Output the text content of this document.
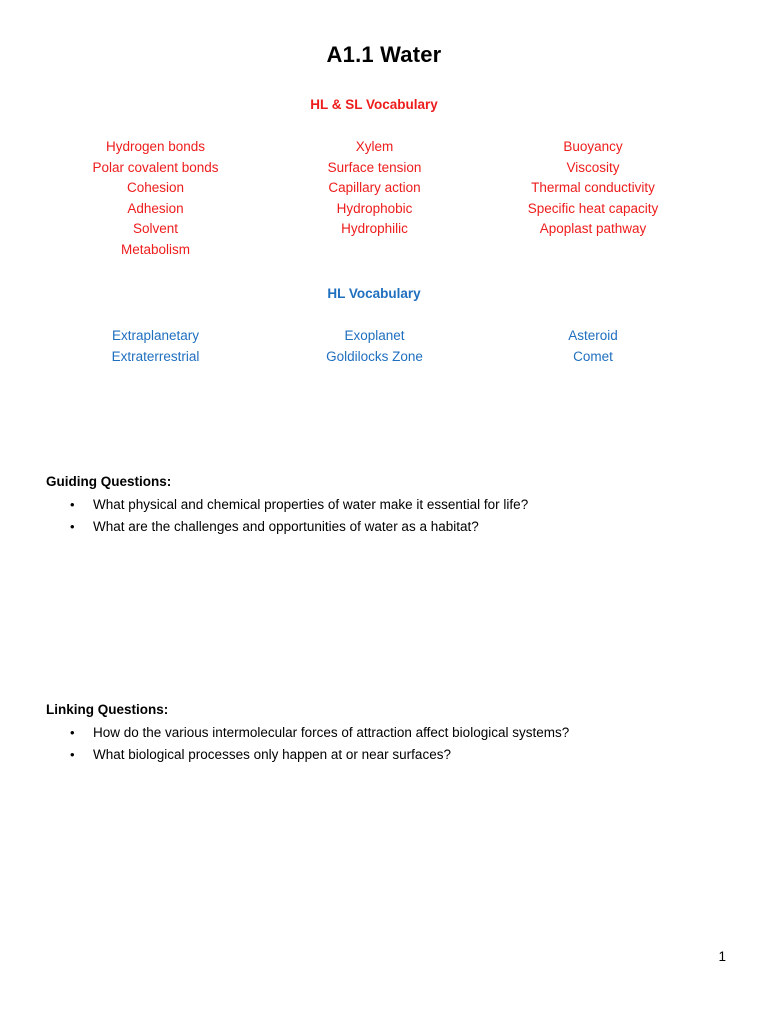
A1.1 Water
HL & SL Vocabulary
Hydrogen bonds
Polar covalent bonds
Cohesion
Adhesion
Solvent
Metabolism
Xylem
Surface tension
Capillary action
Hydrophobic
Hydrophilic
Buoyancy
Viscosity
Thermal conductivity
Specific heat capacity
Apoplast pathway
HL Vocabulary
Extraplanetary
Extraterrestrial
Exoplanet
Goldilocks Zone
Asteroid
Comet
Guiding Questions:
• What physical and chemical properties of water make it essential for life?
• What are the challenges and opportunities of water as a habitat?
Linking Questions:
• How do the various intermolecular forces of attraction affect biological systems?
• What biological processes only happen at or near surfaces?
1
